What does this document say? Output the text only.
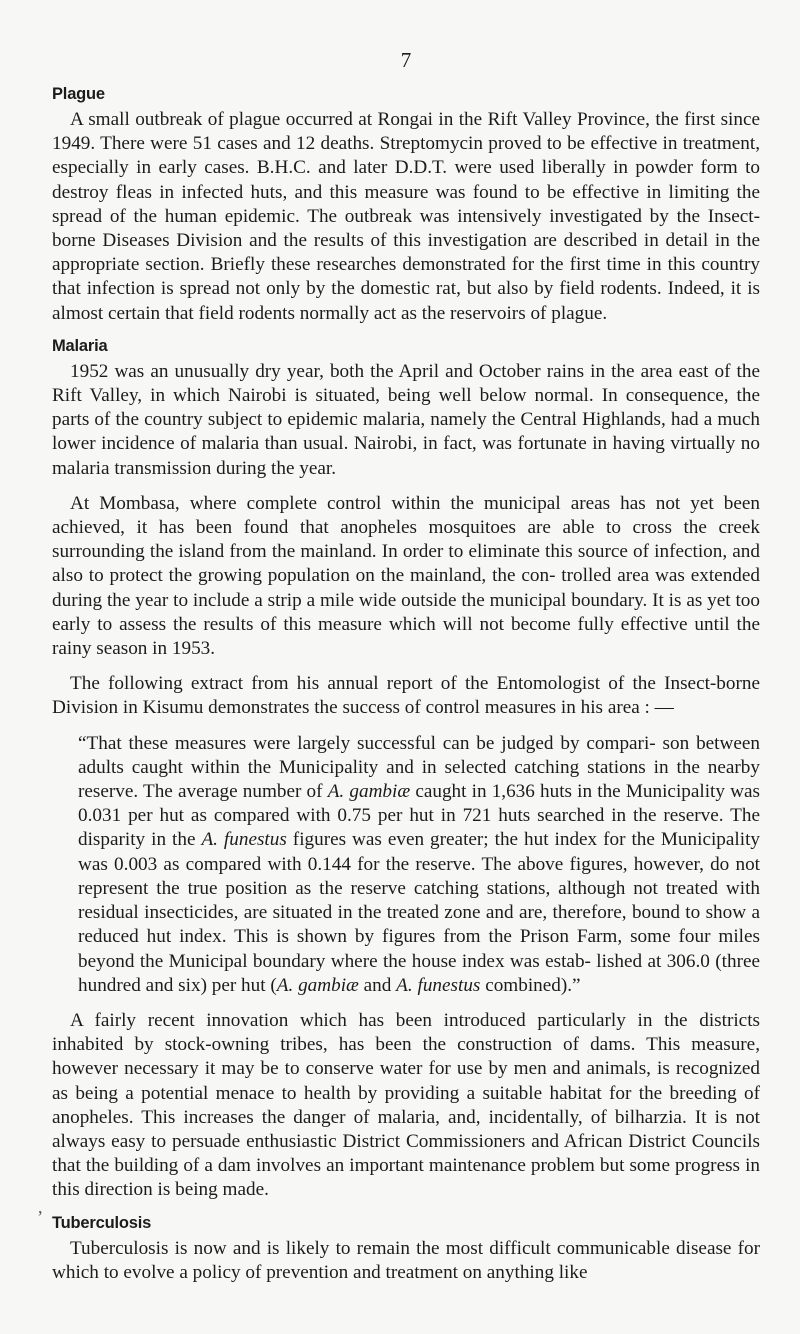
7
Plague

A small outbreak of plague occurred at Rongai in the Rift Valley Province, the first since 1949. There were 51 cases and 12 deaths. Streptomycin proved to be effective in treatment, especially in early cases. B.H.C. and later D.D.T. were used liberally in powder form to destroy fleas in infected huts, and this measure was found to be effective in limiting the spread of the human epidemic. The outbreak was intensively investigated by the Insect-borne Diseases Division and the results of this investigation are described in detail in the appropriate section. Briefly these researches demonstrated for the first time in this country that infection is spread not only by the domestic rat, but also by field rodents. Indeed, it is almost certain that field rodents normally act as the reservoirs of plague.

Malaria

1952 was an unusually dry year, both the April and October rains in the area east of the Rift Valley, in which Nairobi is situated, being well below normal. In consequence, the parts of the country subject to epidemic malaria, namely the Central Highlands, had a much lower incidence of malaria than usual. Nairobi, in fact, was fortunate in having virtually no malaria transmission during the year.

At Mombasa, where complete control within the municipal areas has not yet been achieved, it has been found that anopheles mosquitoes are able to cross the creek surrounding the island from the mainland. In order to eliminate this source of infection, and also to protect the growing population on the mainland, the con- trolled area was extended during the year to include a strip a mile wide outside the municipal boundary. It is as yet too early to assess the results of this measure which will not become fully effective until the rainy season in 1953.

The following extract from his annual report of the Entomologist of the Insect-borne Division in Kisumu demonstrates the success of control measures in his area : —

“That these measures were largely successful can be judged by compari- son between adults caught within the Municipality and in selected catching stations in the nearby reserve. The average number of A. gambiæ caught in 1,636 huts in the Municipality was 0.031 per hut as compared with 0.75 per hut in 721 huts searched in the reserve. The disparity in the A. funestus figures was even greater; the hut index for the Municipality was 0.003 as compared with 0.144 for the reserve. The above figures, however, do not represent the true position as the reserve catching stations, although not treated with residual insecticides, are situated in the treated zone and are, therefore, bound to show a reduced hut index. This is shown by figures from the Prison Farm, some four miles beyond the Municipal boundary where the house index was estab- lished at 306.0 (three hundred and six) per hut (A. gambiæ and A. funestus combined).”

A fairly recent innovation which has been introduced particularly in the districts inhabited by stock-owning tribes, has been the construction of dams. This measure, however necessary it may be to conserve water for use by men and animals, is recognized as being a potential menace to health by providing a suitable habitat for the breeding of anopheles. This increases the danger of malaria, and, incidentally, of bilharzia. It is not always easy to persuade enthusiastic District Commissioners and African District Councils that the building of a dam involves an important maintenance problem but some progress in this direction is being made.

Tuberculosis

Tuberculosis is now and is likely to remain the most difficult communicable disease for which to evolve a policy of prevention and treatment on anything like

,
